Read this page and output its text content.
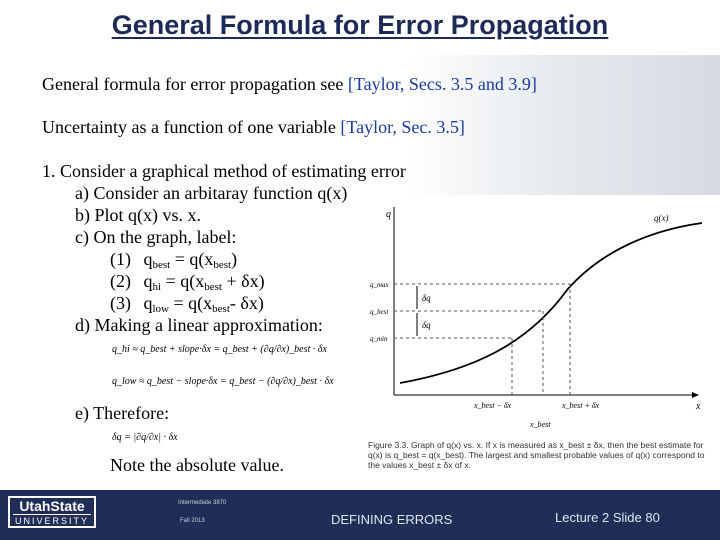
General Formula for Error Propagation
General formula for error propagation see [Taylor, Secs. 3.5 and 3.9]
Uncertainty as a function of one variable [Taylor, Sec. 3.5]
1. Consider a graphical method of estimating error
a) Consider an arbitaray function q(x)
b) Plot q(x) vs. x.
c) On the graph, label:
(1) $q_{best} = q(x_{best})$
(2) $q_{hi} = q(x_{best} + \delta x)$
(3) $q_{low} = q(x_{best}-$ δx)
d) Making a linear approximation:
q_hi ≈ q_best + slope·δx = q_best + (∂q/∂x)_best · δx
q_low ≈ q_best − slope·δx = q_best − (∂q/∂x)_best · δx
e) Therefore:
δq = |∂q/∂x| · δx
Note the absolute value.
q
x
q(x)
q_max
q_best
q_min
δq
δq
x_best − δx	x_best + δx
x_best
Figure 3.3. Graph of q(x) vs. x. If x is measured as x_best ± δx, then the best estimate for q(x) is q_best = q(x_best). The largest and smallest probable values of q(x) correspond to the values x_best ± δx of x.
UtahState
UNIVERSITY
Intermediate 3870
Fall 2013	DEFINING ERRORS	Lecture 2 Slide 80
